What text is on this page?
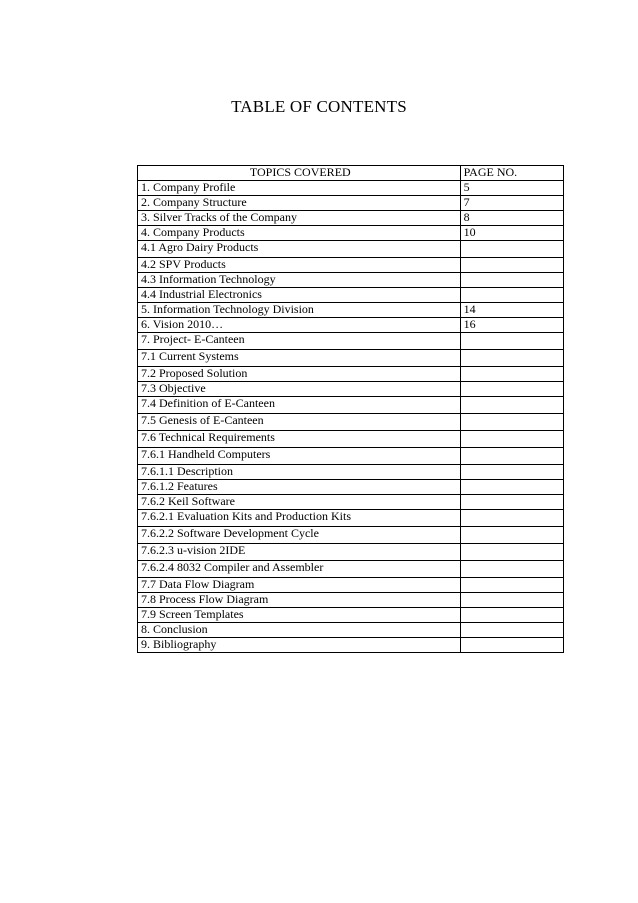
TABLE OF CONTENTS
TOPICS COVERED	PAGE NO.
1. Company Profile	5
2. Company Structure	7
3. Silver Tracks of the Company	8
4. Company Products	10
4.1 Agro Dairy Products	
4.2 SPV Products	
4.3 Information Technology	
4.4 Industrial Electronics	
5. Information Technology Division	14
6. Vision 2010…	16
7. Project- E-Canteen	
7.1 Current Systems	
7.2 Proposed Solution	
7.3 Objective	
7.4 Definition of E-Canteen	
7.5 Genesis of E-Canteen	
7.6 Technical Requirements	
7.6.1 Handheld Computers	
7.6.1.1 Description	
7.6.1.2 Features	
7.6.2 Keil Software	
7.6.2.1 Evaluation Kits and Production Kits	
7.6.2.2 Software Development Cycle	
7.6.2.3 u-vision 2IDE	
7.6.2.4 8032 Compiler and Assembler	
7.7 Data Flow Diagram	
7.8 Process Flow Diagram	
7.9 Screen Templates	
8. Conclusion	
9. Bibliography	
